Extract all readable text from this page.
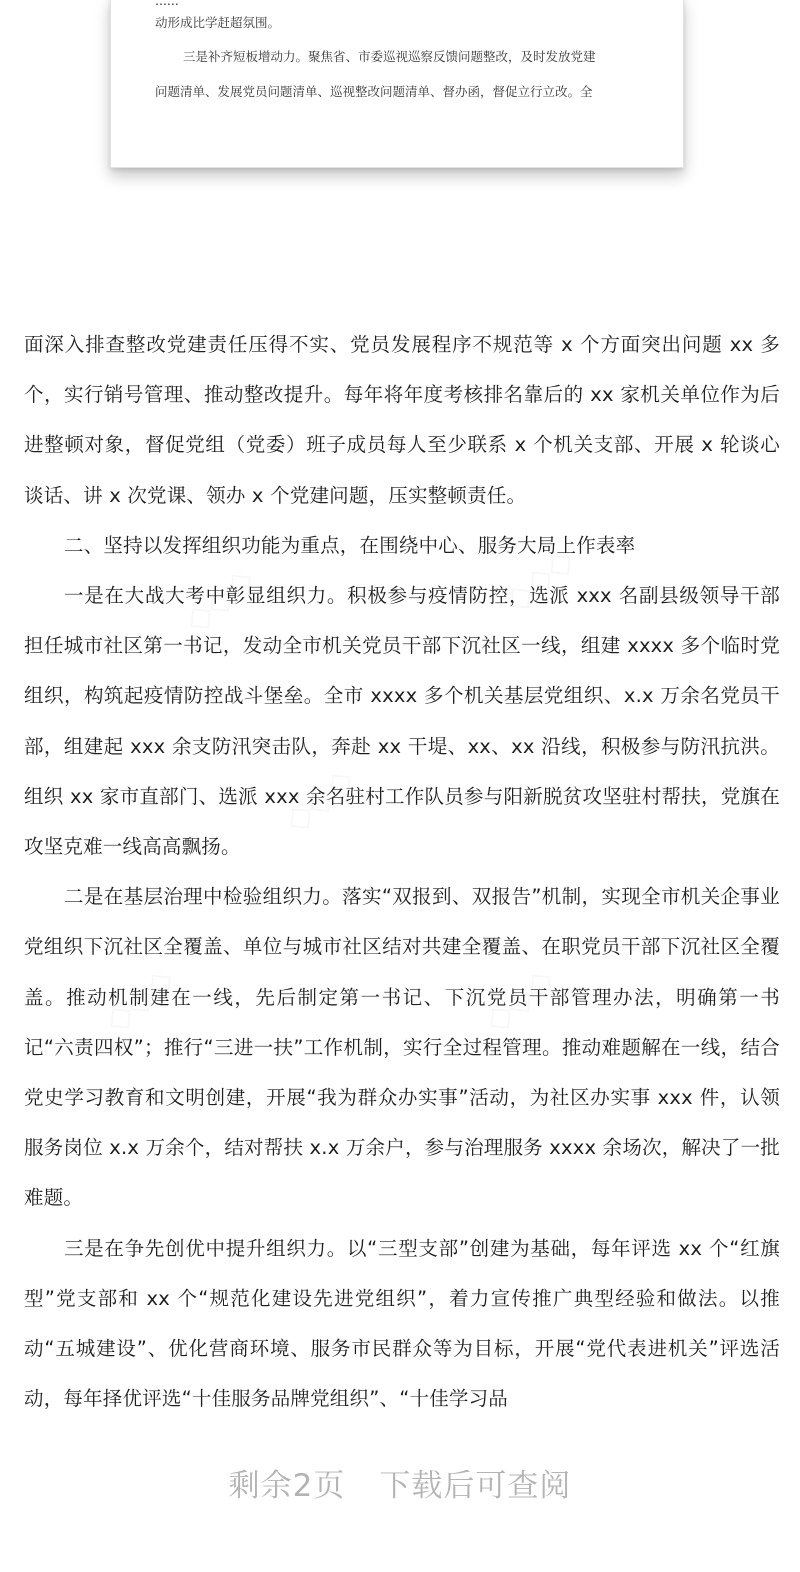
......
动形成比学赶超氛围。
三是补齐短板增动力。聚焦省、市委巡视巡察反馈问题整改，及时发放党建
问题清单、发展党员问题清单、巡视整改问题清单、督办函，督促立行立改。全
◇◇◇	◇◇◇
◇◇◇
◇◇◇	◇◇◇

面深入排查整改党建责任压得不实、党员发展程序不规范等 x 个方面突出问题 xx 多个，实行销号管理、推动整改提升。每年将年度考核排名靠后的 xx 家机关单位作为后进整顿对象，督促党组（党委）班子成员每人至少联系 x 个机关支部、开展 x 轮谈心谈话、讲 x 次党课、领办 x 个党建问题，压实整顿责任。

二、坚持以发挥组织功能为重点，在围绕中心、服务大局上作表率

一是在大战大考中彰显组织力。积极参与疫情防控，选派 xxx 名副县级领导干部担任城市社区第一书记，发动全市机关党员干部下沉社区一线，组建 xxxx 多个临时党组织，构筑起疫情防控战斗堡垒。全市 xxxx 多个机关基层党组织、x.x 万余名党员干部，组建起 xxx 余支防汛突击队，奔赴 xx 干堤、xx、xx 沿线，积极参与防汛抗洪。组织 xx 家市直部门、选派 xxx 余名驻村工作队员参与阳新脱贫攻坚驻村帮扶，党旗在攻坚克难一线高高飘扬。

二是在基层治理中检验组织力。落实“双报到、双报告”机制，实现全市机关企事业党组织下沉社区全覆盖、单位与城市社区结对共建全覆盖、在职党员干部下沉社区全覆盖。推动机制建在一线，先后制定第一书记、下沉党员干部管理办法，明确第一书记“六责四权”；推行“三进一扶”工作机制，实行全过程管理。推动难题解在一线，结合党史学习教育和文明创建，开展“我为群众办实事”活动，为社区办实事 xxx 件，认领服务岗位 x.x 万余个，结对帮扶 x.x 万余户，参与治理服务 xxxx 余场次，解决了一批难题。

三是在争先创优中提升组织力。以“三型支部”创建为基础，每年评选 xx 个“红旗型”党支部和 xx 个“规范化建设先进党组织”，着力宣传推广典型经验和做法。以推动“五城建设”、优化营商环境、服务市民群众等为目标，开展“党代表进机关”评选活动，每年择优评选“十佳服务品牌党组织”、“十佳学习品

剩余2页 下载后可查阅
